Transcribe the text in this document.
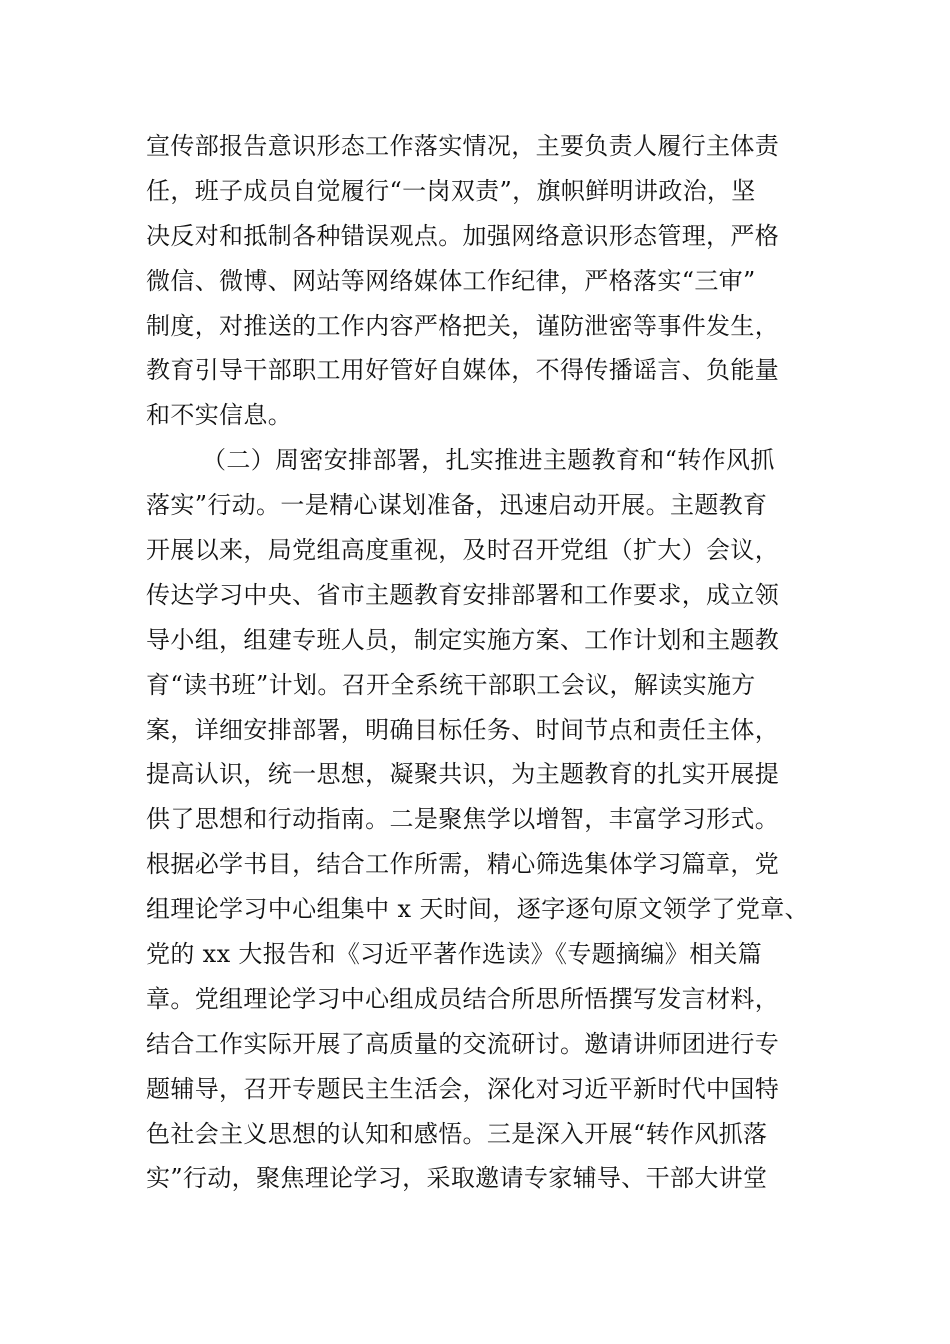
宣传部报告意识形态工作落实情况，主要负责人履行主体责
任，班子成员自觉履行“一岗双责”，旗帜鲜明讲政治，坚
决反对和抵制各种错误观点。加强网络意识形态管理，严格
微信、微博、网站等网络媒体工作纪律，严格落实“三审”
制度，对推送的工作内容严格把关，谨防泄密等事件发生，
教育引导干部职工用好管好自媒体，不得传播谣言、负能量
和不实信息。
（二）周密安排部署，扎实推进主题教育和“转作风抓
落实”行动。一是精心谋划准备，迅速启动开展。主题教育
开展以来，局党组高度重视，及时召开党组（扩大）会议，
传达学习中央、省市主题教育安排部署和工作要求，成立领
导小组，组建专班人员，制定实施方案、工作计划和主题教
育“读书班”计划。召开全系统干部职工会议，解读实施方
案，详细安排部署，明确目标任务、时间节点和责任主体，
提高认识，统一思想，凝聚共识，为主题教育的扎实开展提
供了思想和行动指南。二是聚焦学以增智，丰富学习形式。
根据必学书目，结合工作所需，精心筛选集体学习篇章，党
组理论学习中心组集中 x 天时间，逐字逐句原文领学了党章、
党的 xx 大报告和《习近平著作选读》《专题摘编》相关篇
章。党组理论学习中心组成员结合所思所悟撰写发言材料，
结合工作实际开展了高质量的交流研讨。邀请讲师团进行专
题辅导，召开专题民主生活会，深化对习近平新时代中国特
色社会主义思想的认知和感悟。三是深入开展“转作风抓落
实”行动，聚焦理论学习，采取邀请专家辅导、干部大讲堂
